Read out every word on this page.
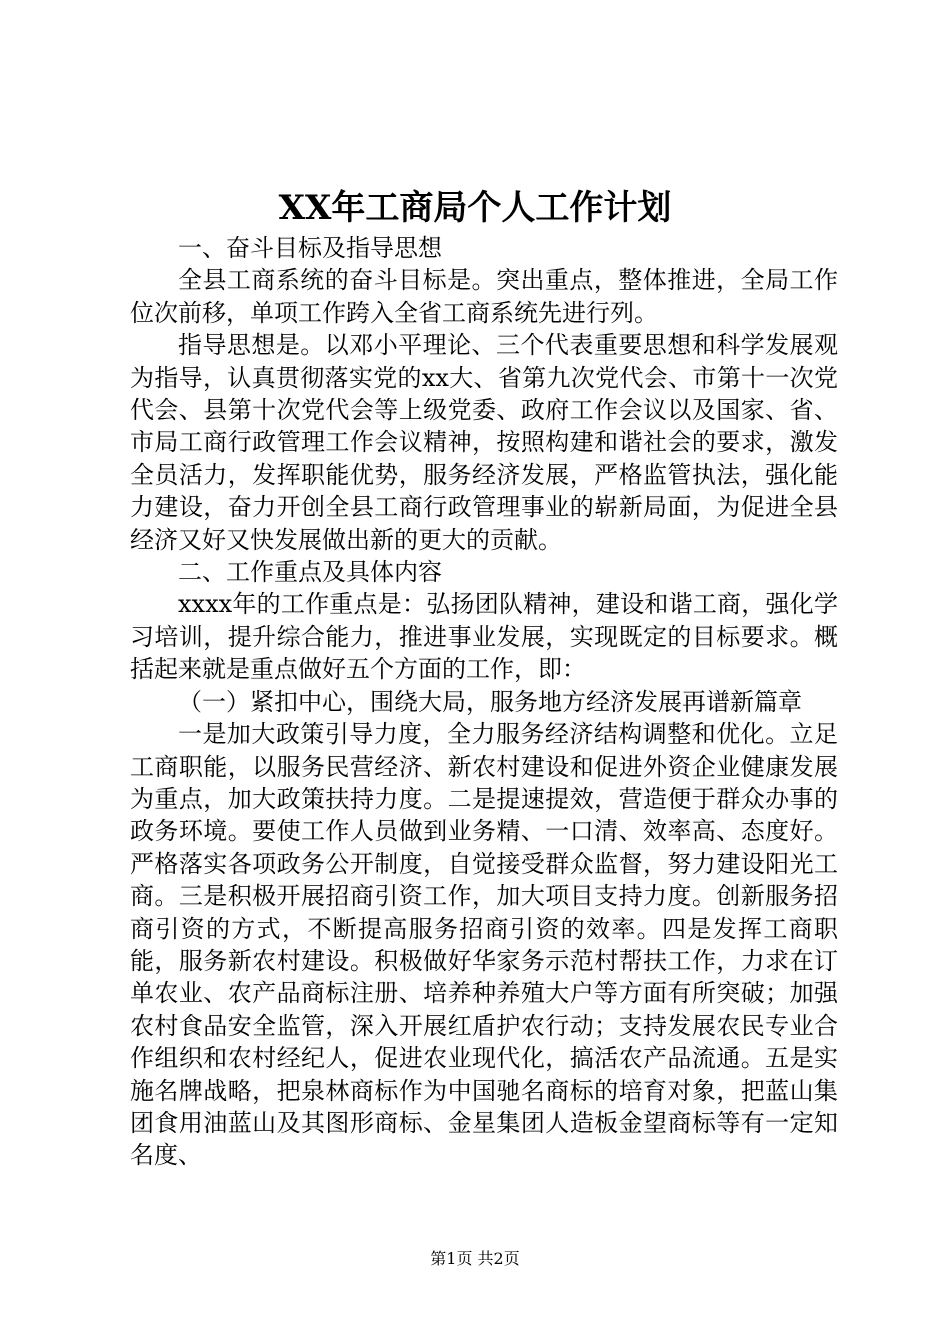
XX年工商局个人工作计划

一、奋斗目标及指导思想

全县工商系统的奋斗目标是。突出重点，整体推进，全局工作位次前移，单项工作跨入全省工商系统先进行列。

指导思想是。以邓小平理论、三个代表重要思想和科学发展观为指导，认真贯彻落实党的xx大、省第九次党代会、市第十一次党代会、县第十次党代会等上级党委、政府工作会议以及国家、省、市局工商行政管理工作会议精神，按照构建和谐社会的要求，激发全员活力，发挥职能优势，服务经济发展，严格监管执法，强化能力建设，奋力开创全县工商行政管理事业的崭新局面，为促进全县经济又好又快发展做出新的更大的贡献。

二、工作重点及具体内容

xxxx年的工作重点是：弘扬团队精神，建设和谐工商，强化学习培训，提升综合能力，推进事业发展，实现既定的目标要求。概括起来就是重点做好五个方面的工作，即：

（一）紧扣中心，围绕大局，服务地方经济发展再谱新篇章

一是加大政策引导力度，全力服务经济结构调整和优化。立足工商职能，以服务民营经济、新农村建设和促进外资企业健康发展为重点，加大政策扶持力度。二是提速提效，营造便于群众办事的政务环境。要使工作人员做到业务精、一口清、效率高、态度好。严格落实各项政务公开制度，自觉接受群众监督，努力建设阳光工商。三是积极开展招商引资工作，加大项目支持力度。创新服务招商引资的方式，不断提高服务招商引资的效率。四是发挥工商职能，服务新农村建设。积极做好华家务示范村帮扶工作，力求在订单农业、农产品商标注册、培养种养殖大户等方面有所突破；加强农村食品安全监管，深入开展红盾护农行动；支持发展农民专业合作组织和农村经纪人，促进农业现代化，搞活农产品流通。五是实施名牌战略，把泉林商标作为中国驰名商标的培育对象，把蓝山集团食用油蓝山及其图形商标、金星集团人造板金望商标等有一定知名度、

第1页 共2页
